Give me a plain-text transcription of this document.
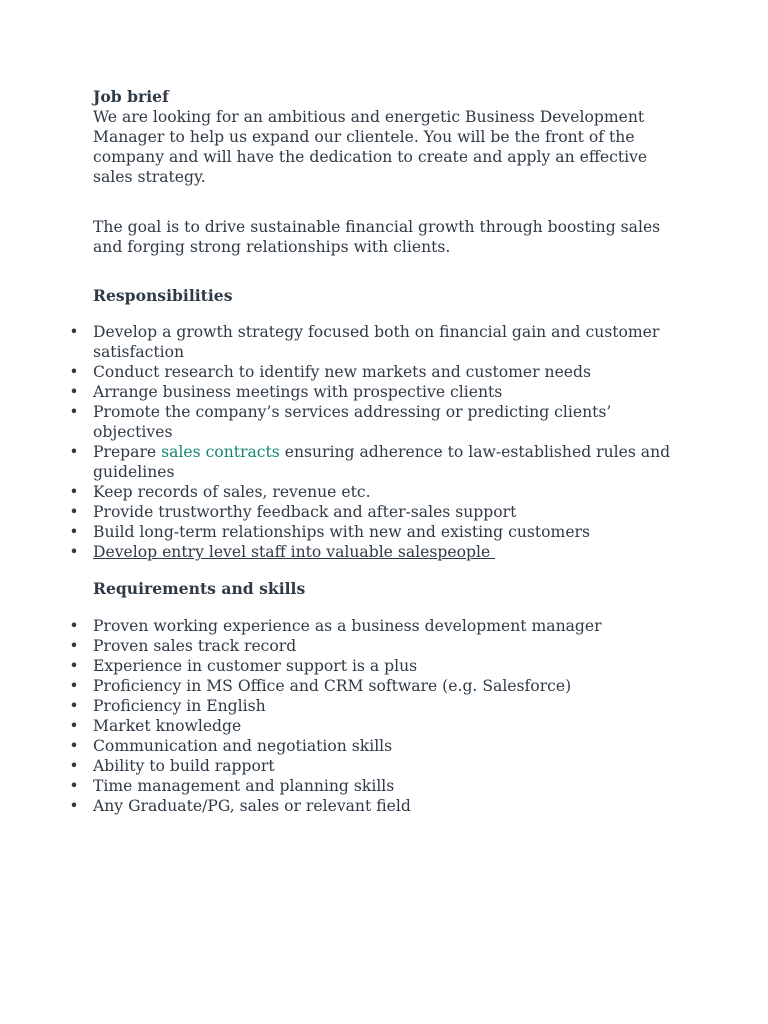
Job brief

We are looking for an ambitious and energetic Business Development Manager to help us expand our clientele. You will be the front of the company and will have the dedication to create and apply an effective sales strategy.

The goal is to drive sustainable financial growth through boosting sales and forging strong relationships with clients.

Responsibilities

• Develop a growth strategy focused both on financial gain and customer satisfaction
• Conduct research to identify new markets and customer needs
• Arrange business meetings with prospective clients
• Promote the company’s services addressing or predicting clients’ objectives
• Prepare sales contracts ensuring adherence to law-established rules and guidelines
• Keep records of sales, revenue etc.
• Provide trustworthy feedback and after-sales support
• Build long-term relationships with new and existing customers
• Develop entry level staff into valuable salespeople

Requirements and skills

• Proven working experience as a business development manager
• Proven sales track record
• Experience in customer support is a plus
• Proficiency in MS Office and CRM software (e.g. Salesforce)
• Proficiency in English
• Market knowledge
• Communication and negotiation skills
• Ability to build rapport
• Time management and planning skills
• Any Graduate/PG, sales or relevant field
